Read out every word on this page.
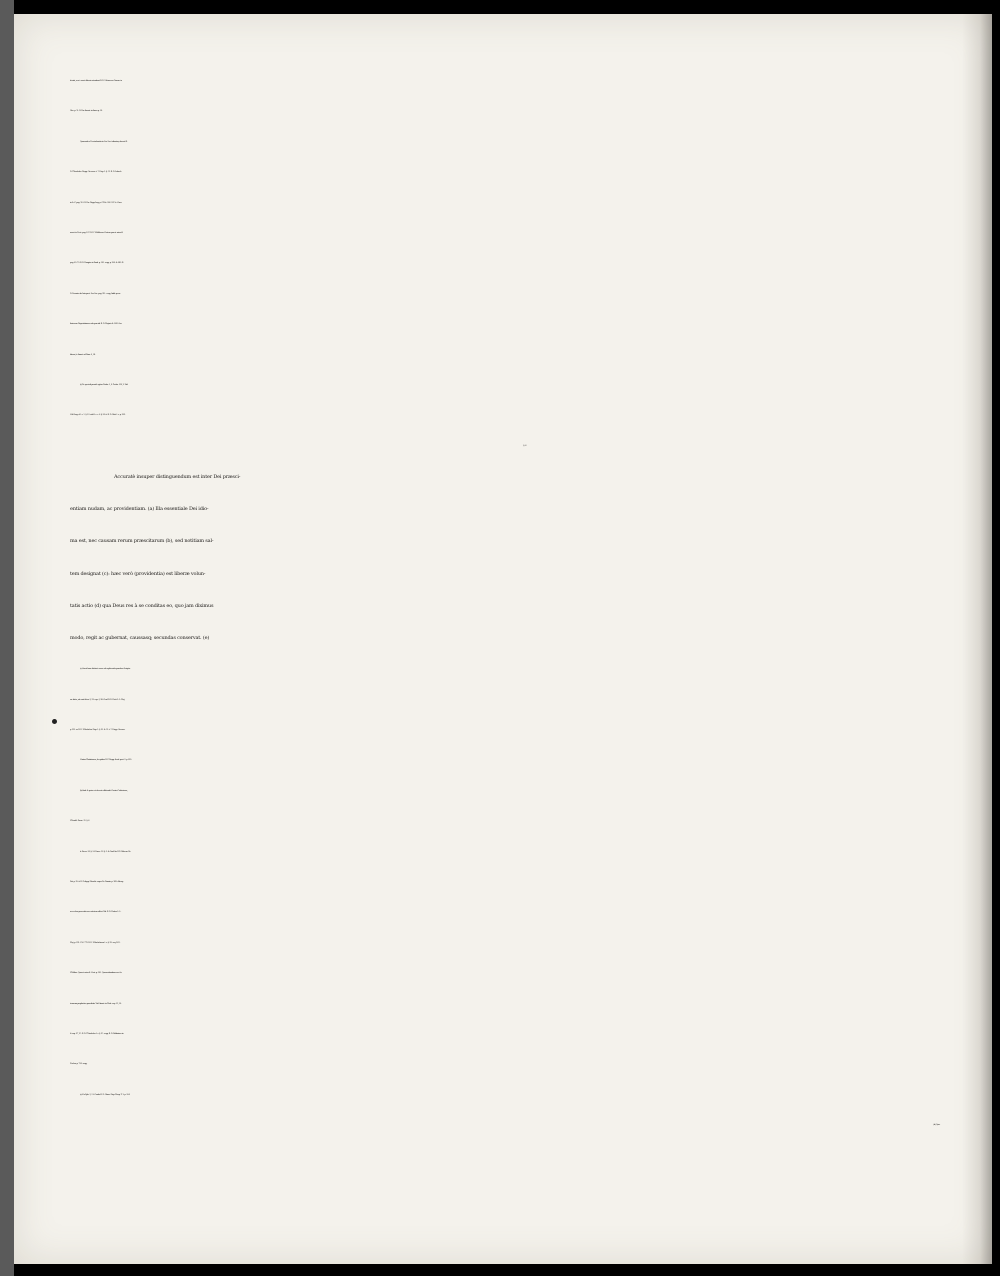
derint, ceu è sacris litteris ostendant B. D. Meisnerus Comm. in
Hos. p. 51. B. Par. Annot. in Amos p. 16.
Quomodo v. Deo induratio in Scr. Sac. tribuatur, docent B.
D. VVinckelm. Dispp. Giessens. t. 7. Disp. 1. §. 53. B. D. Lobech
in A. C. pag. 510. B. Par. Dispp Isag. p. 678 it. 936. 937. it. Com-
ment. in Deut. pag. 107. B. D. VValtherus Centur. quæst. miscell.
pag. 69. 70. B. D. Rungius in Exod. p. 161. seqq. p. 299. & 489. B.
D. Franzius de Interpret. Scr. Sac. pag. 311. seqq. Adde pecu-
liariarem Disputationem sub præsid. B. D. Majoris A. 1640. ha-
bitam, it. Annot. ad Rom. 9, 18.
(i) De speciali provid. agitur Psalm. 1, 6. Psalm. 139, 2. Vid.
Coll. Isag. d. l. c. 5. §. 12. add. l. c. c. 6. §. 30. it. B. D. Hutt. l. c. p. 222.
§. 6.
Accuratè insuper distinguendum est inter Dei præsci-
entiam nudam, ac providentiam. (a) Illa essentiale Dei idio-
ma est, nec causam rerum præscitarum (b), sed notitiam sal-
tem designat (c): hæc verò (providentia) est liberæ volun-
tatis actio (d) qua Deus res à se conditas eo, quo jam diximus
modo, regit ac gubernat, caussasq; secundas conservat. (e)
(a) Iuvat hanc distinct. nosse ad explicanda quædam Scriptu-
ræ dicta, uti sunt Actor. 2, 23. cap. 4, 28. Conf. B. D. Hutt. L. L. Maj.
p. 231. ac B. D. VVinckelm. Disp. 1. §. 21. & 52. t. 7. Dispp. Giessen.
Contra Photinianos, de quibus B. P. Dispp. Acad. part. 2. p. 895.
(b) Inde & prior est decreto efficiendi. Contra Calvinianos,
VVendel. Exerc. 25. §. 6.
it. Exerc. 30. §. 14. Exerc. 32. §. 3. & Conf. hîc B D Hulsem. Br.
Ext. p. 39. it. B. P. dispp. Elencht. super Ev. Domin. p. 382. Adeoq;
nec rebus præscitis necessitatem affert. Vid. B. D. Hutter. L. L.
Maj. p. 231. 256. 772. B. D. VVinckelman. l. c. §. 22. seq. B. D.
VValther. Quæst. miscell. Cent. p. 361. Quemadmodum nec fu-
turorum prophetica prædictio. Vid. Annot. in Matt. cap. 13, 14.
& cap. 27, 35. B. D. VVinckelm. l. c. §. 25. seqq. B. D. Balduinus in
Zachar. p. 734. seqq.
(c) Ex Eph. 2, 11. Confer B. D. Hunn. Disp. Marp. T. 1. p. 104.
(d) Quo-
